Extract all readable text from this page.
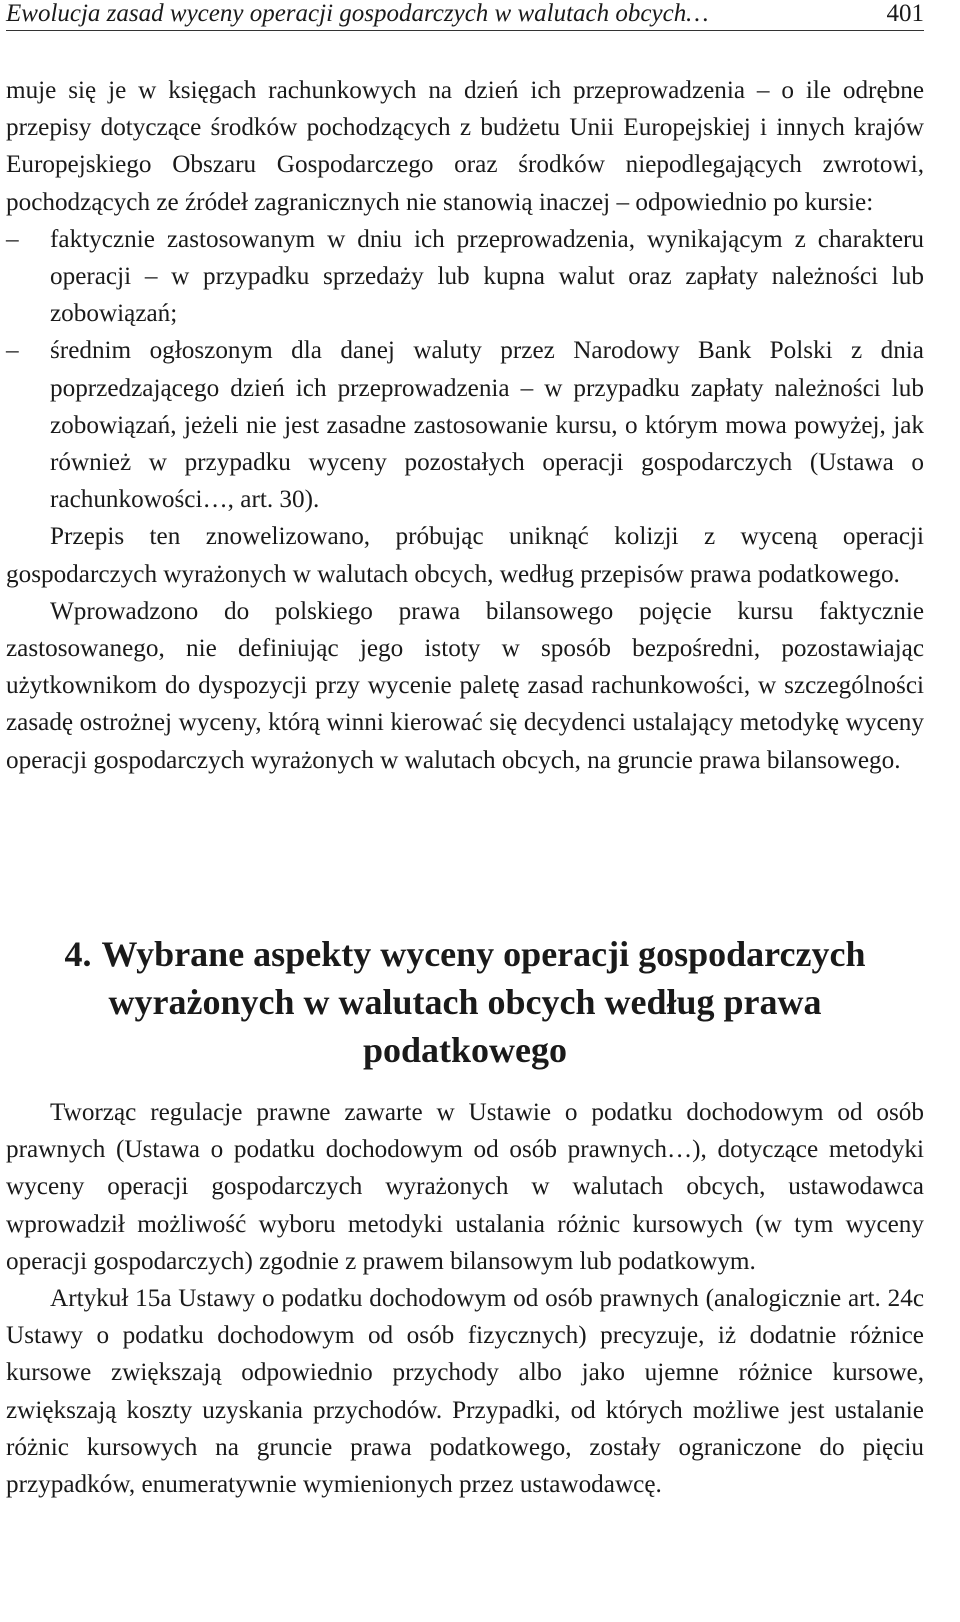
Ewolucja zasad wyceny operacji gospodarczych w walutach obcych…	401

muje się je w księgach rachunkowych na dzień ich przeprowadzenia – o ile odrębne przepisy dotyczące środków pochodzących z budżetu Unii Europejskiej i innych krajów Europejskiego Obszaru Gospodarczego oraz środków niepodlegających zwrotowi, pochodzących ze źródeł zagranicznych nie stanowią inaczej – odpowiednio po kursie:

– faktycznie zastosowanym w dniu ich przeprowadzenia, wynikającym z charakteru operacji – w przypadku sprzedaży lub kupna walut oraz zapłaty należności lub zobowiązań;
– średnim ogłoszonym dla danej waluty przez Narodowy Bank Polski z dnia poprzedzającego dzień ich przeprowadzenia – w przypadku zapłaty należności lub zobowiązań, jeżeli nie jest zasadne zastosowanie kursu, o którym mowa powyżej, jak również w przypadku wyceny pozostałych operacji gospodarczych (Ustawa o rachunkowości…, art. 30).

Przepis ten znowelizowano, próbując uniknąć kolizji z wyceną operacji gospodarczych wyrażonych w walutach obcych, według przepisów prawa podatkowego.

Wprowadzono do polskiego prawa bilansowego pojęcie kursu faktycznie zastosowanego, nie definiując jego istoty w sposób bezpośredni, pozostawiając użytkownikom do dyspozycji przy wycenie paletę zasad rachunkowości, w szczególności zasadę ostrożnej wyceny, którą winni kierować się decydenci ustalający metodykę wyceny operacji gospodarczych wyrażonych w walutach obcych, na gruncie prawa bilansowego.

4. Wybrane aspekty wyceny operacji gospodarczych wyrażonych w walutach obcych według prawa podatkowego

Tworząc regulacje prawne zawarte w Ustawie o podatku dochodowym od osób prawnych (Ustawa o podatku dochodowym od osób prawnych…), dotyczące metodyki wyceny operacji gospodarczych wyrażonych w walutach obcych, ustawodawca wprowadził możliwość wyboru metodyki ustalania różnic kursowych (w tym wyceny operacji gospodarczych) zgodnie z prawem bilansowym lub podatkowym.

Artykuł 15a Ustawy o podatku dochodowym od osób prawnych (analogicznie art. 24c Ustawy o podatku dochodowym od osób fizycznych) precyzuje, iż dodatnie różnice kursowe zwiększają odpowiednio przychody albo jako ujemne różnice kursowe, zwiększają koszty uzyskania przychodów. Przypadki, od których możliwe jest ustalanie różnic kursowych na gruncie prawa podatkowego, zostały ograniczone do pięciu przypadków, enumeratywnie wymienionych przez ustawodawcę.
